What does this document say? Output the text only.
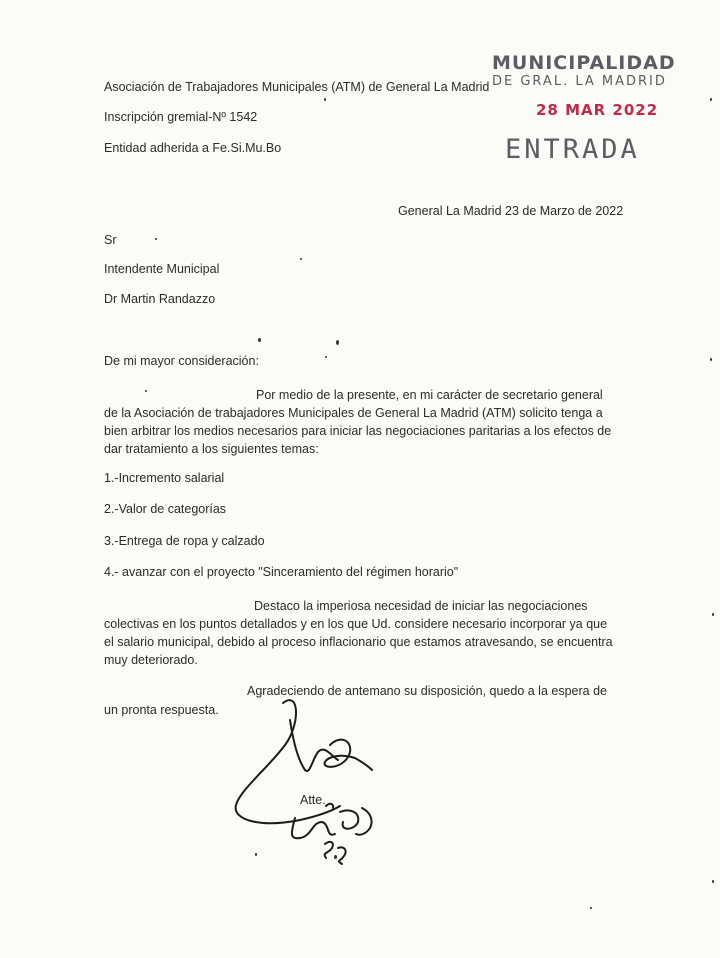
Asociación de Trabajadores Municipales (ATM) de General La Madrid
Inscripción gremial-Nº 1542
Entidad adherida a Fe.Si.Mu.Bo
MUNICIPALIDAD
DE GRAL. LA MADRID
28 MAR 2022
ENTRADA
General La Madrid 23 de Marzo de 2022
Sr
Intendente Municipal
Dr Martin Randazzo
De mi mayor consideración:
Por medio de la presente, en mi carácter de secretario general de la Asociación de trabajadores Municipales de General La Madrid (ATM) solicito tenga a bien arbitrar los medios necesarios para iniciar las negociaciones paritarias a los efectos de dar tratamiento a los siguientes temas:
1.-Incremento salarial
2.-Valor de categorías
3.-Entrega de ropa y calzado
4.- avanzar con el proyecto "Sinceramiento del régimen horario"
Destaco la imperiosa necesidad de iniciar las negociaciones colectivas en los puntos detallados y en los que Ud. considere necesario incorporar ya que el salario municipal, debido al proceso inflacionario que estamos atravesando, se encuentra muy deteriorado.
Agradeciendo de antemano su disposición, quedo a la espera de un pronta respuesta.
Atte.
